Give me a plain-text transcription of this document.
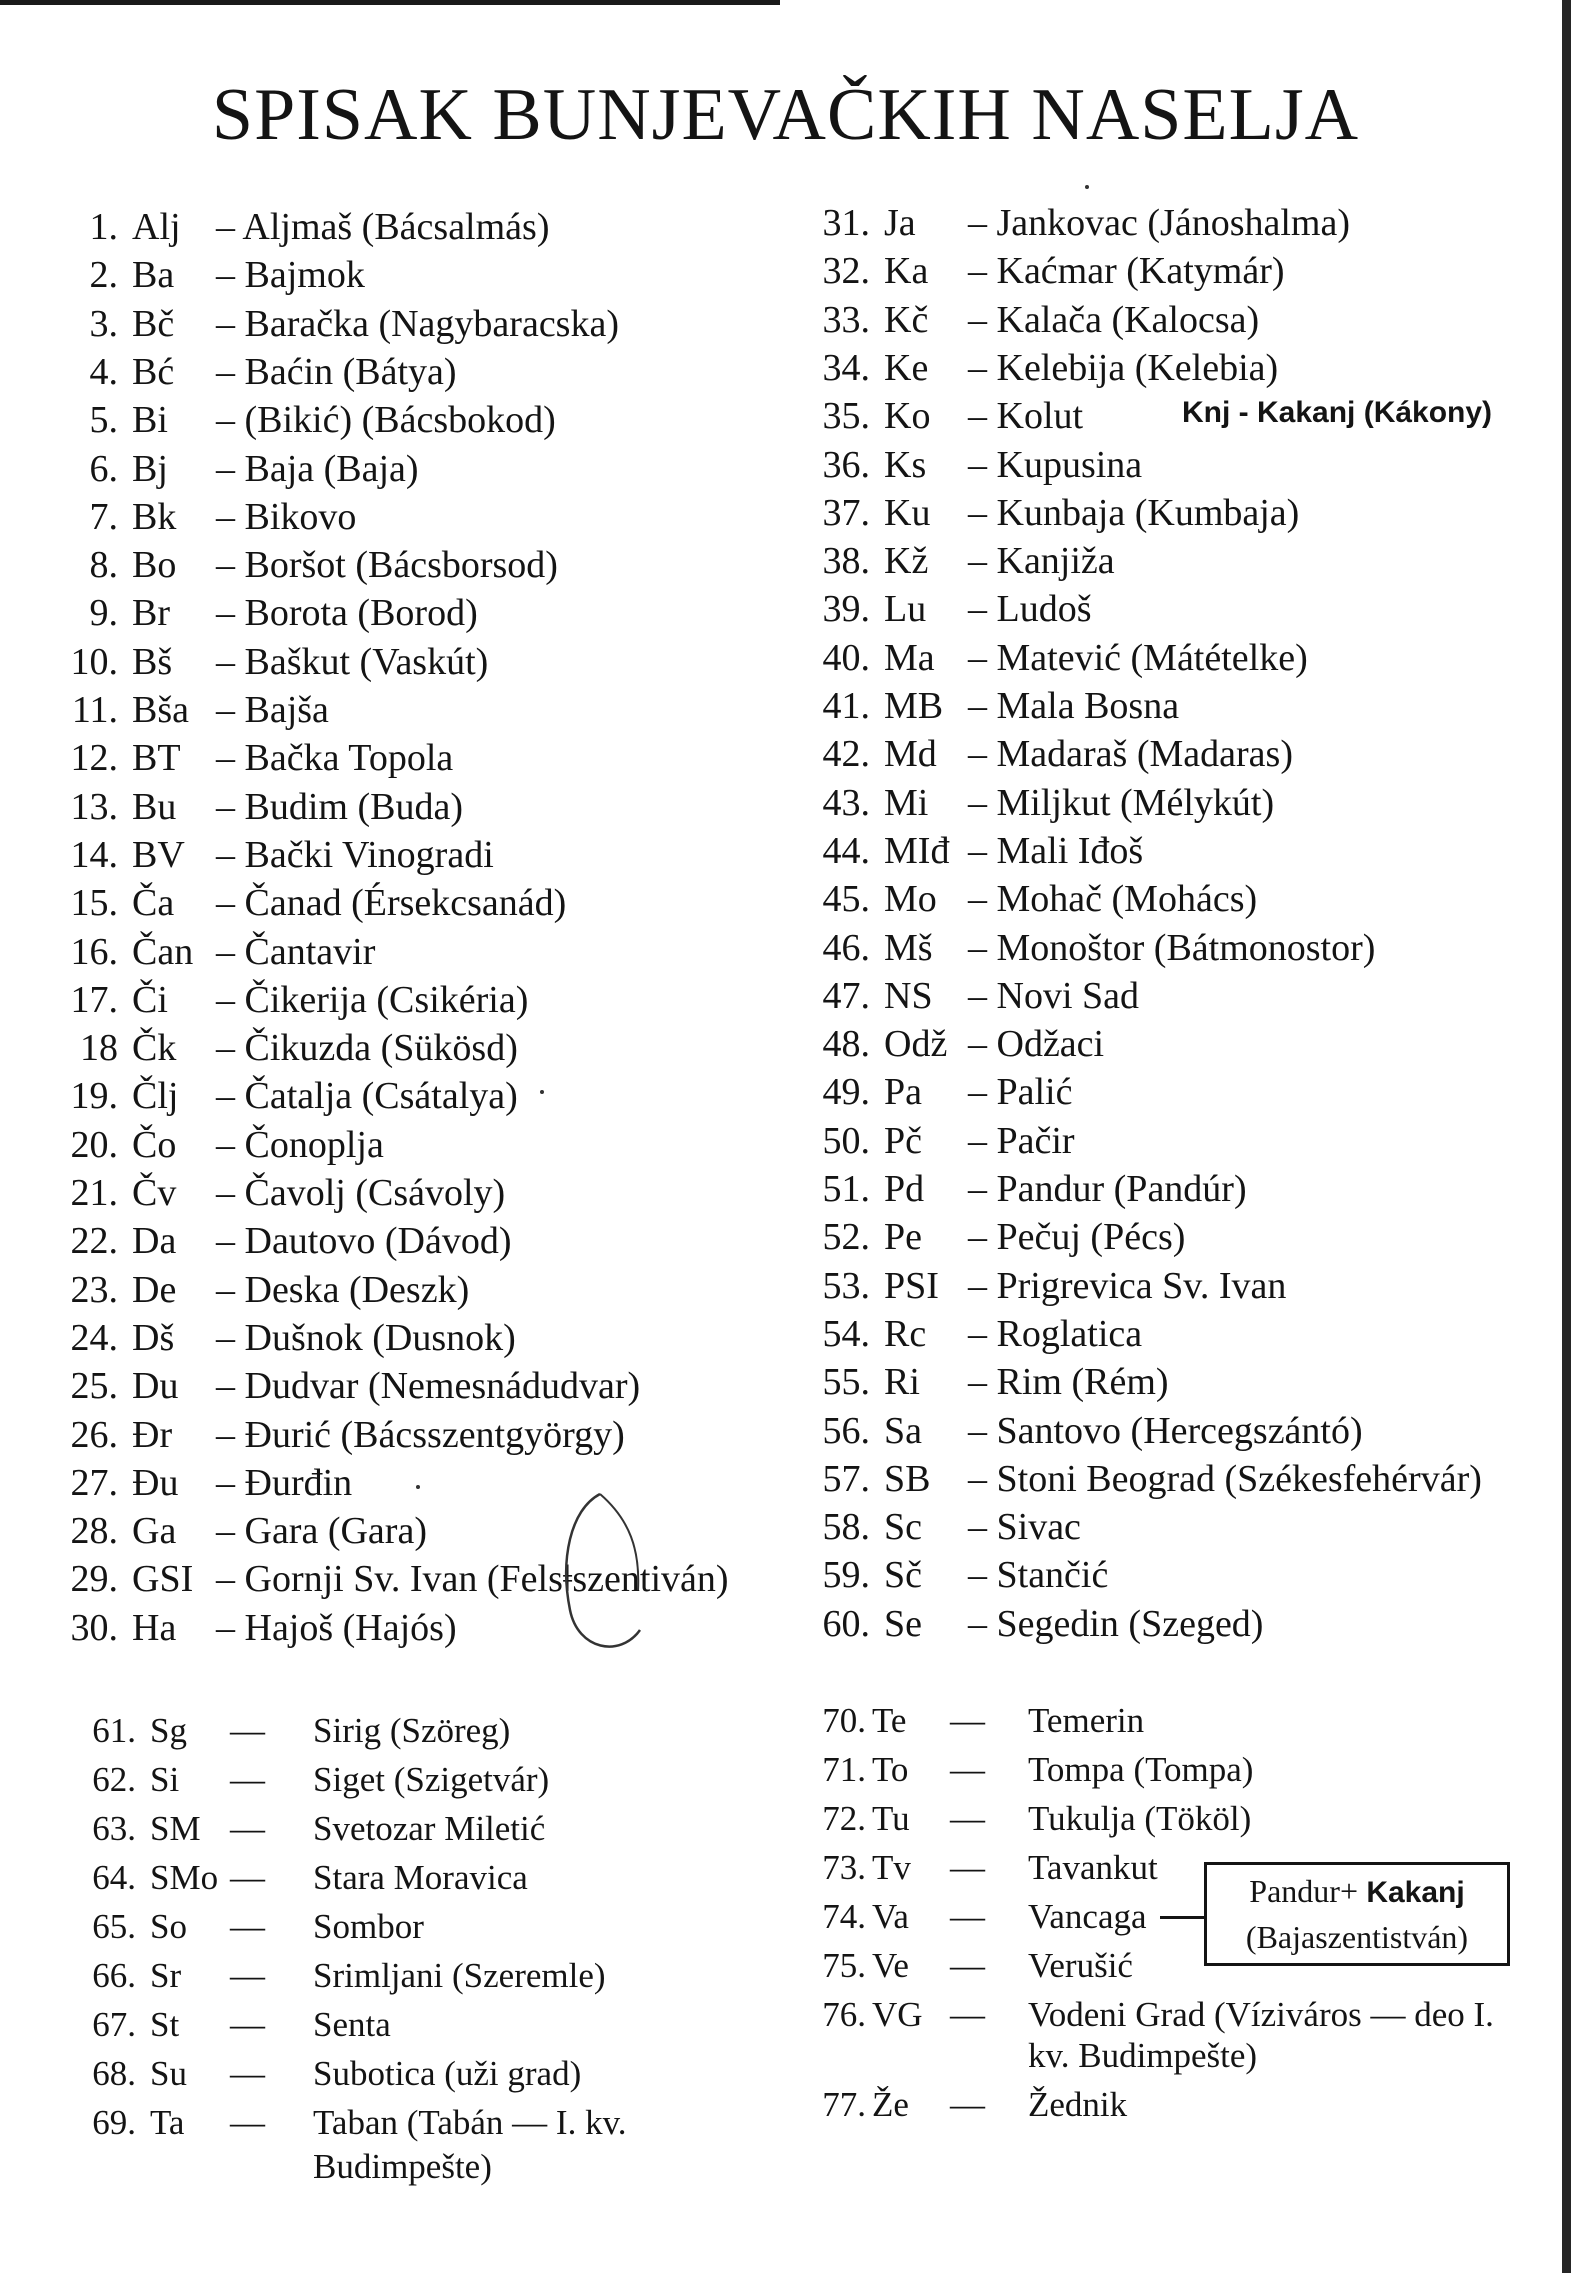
SPISAK BUNJEVAČKIH NASELJA
1. Alj – Aljmaš (Bácsalmás)
2. Ba – Bajmok
3. Bč – Baračka (Nagybaracska)
4. Bć – Baćin (Bátya)
5. Bi – (Bikić) (Bácsbokod)
6. Bj – Baja (Baja)
7. Bk – Bikovo
8. Bo – Boršot (Bácsborsod)
9. Br – Borota (Borod)
10. Bš – Baškut (Vaskút)
11. Bša – Bajša
12. BT – Bačka Topola
13. Bu – Budim (Buda)
14. BV – Bački Vinogradi
15. Ča – Čanad (Érsekcsanád)
16. Čan – Čantavir
17. Či – Čikerija (Csikéria)
18 Čk – Čikuzda (Sükösd)
19. Člj – Čatalja (Csátalya)
20. Čo – Čonoplja
21. Čv – Čavolj (Csávoly)
22. Da – Dautovo (Dávod)
23. De – Deska (Deszk)
24. Dš – Dušnok (Dusnok)
25. Du – Dudvar (Nemesnádudvar)
26. Đr – Đurić (Bácsszentgyörgy)
27. Đu – Đurđin
28. Ga – Gara (Gara)
29. GSI – Gornji Sv. Ivan (Felsǂszentiván)
30. Ha – Hajoš (Hajós)
31. Ja – Jankovac (Jánoshalma)
32. Ka – Kaćmar (Katymár)
33. Kč – Kalača (Kalocsa)
34. Ke – Kelebija (Kelebia)
35. Ko – Kolut
36. Ks – Kupusina
37. Ku – Kunbaja (Kumbaja)
38. Kž – Kanjiža
39. Lu – Ludoš
40. Ma – Matević (Mátételke)
41. MB – Mala Bosna
42. Md – Madaraš (Madaras)
43. Mi – Miljkut (Mélykút)
44. MIđ – Mali Iđoš
45. Mo – Mohač (Mohács)
46. Mš – Monoštor (Bátmonostor)
47. NS – Novi Sad
48. Odž – Odžaci
49. Pa – Palić
50. Pč – Pačir
51. Pd – Pandur (Pandúr)
52. Pe – Pečuj (Pécs)
53. PSI – Prigrevica Sv. Ivan
54. Rc – Roglatica
55. Ri – Rim (Rém)
56. Sa – Santovo (Hercegszántó)
57. SB – Stoni Beograd (Székesfehérvár)
58. Sc – Sivac
59. Sč – Stančić
60. Se – Segedin (Szeged)
61. Sg — Sirig (Szöreg)
62. Si — Siget (Szigetvár)
63. SM — Svetozar Miletić
64. SMo — Stara Moravica
65. So — Sombor
66. Sr — Srimljani (Szeremle)
67. St — Senta
68. Su — Subotica (uži grad)
69. Ta — Taban (Tabán — I. kv.
70. Te — Temerin
71. To — Tompa (Tompa)
72. Tu — Tukulja (Tököl)
73. Tv — Tavankut
74. Va — Vancaga
75. Ve — Verušić
76. VG — Vodeni Grad (Víziváros — deo I.
77. Že — Žednik
Budimpešte)
kv. Budimpešte)
Knj - Kakanj (Kákony)
Pandur+ Kakanj
(Bajaszentistván)
